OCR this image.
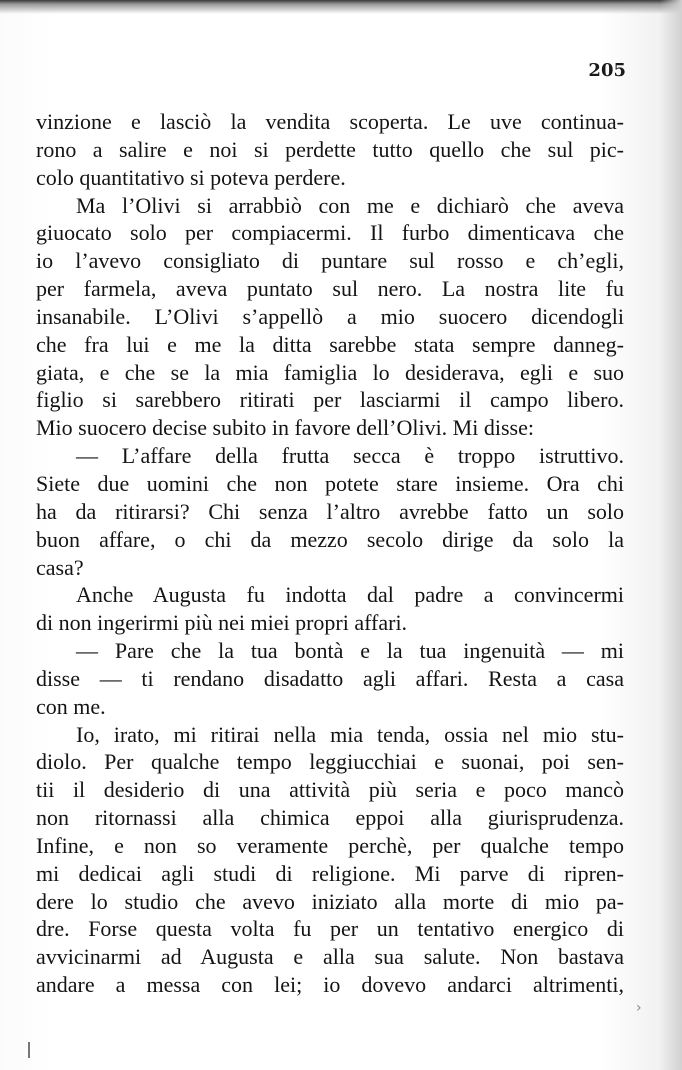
205
vinzione e lasciò la vendita scoperta. Le uve continua-
rono a salire e noi si perdette tutto quello che sul pic-
colo quantitativo si poteva perdere.
Ma l’Olivi si arrabbiò con me e dichiarò che aveva
giuocato solo per compiacermi. Il furbo dimenticava che
io l’avevo consigliato di puntare sul rosso e ch’egli,
per farmela, aveva puntato sul nero. La nostra lite fu
insanabile. L’Olivi s’appellò a mio suocero dicendogli
che fra lui e me la ditta sarebbe stata sempre danneg-
giata, e che se la mia famiglia lo desiderava, egli e suo
figlio si sarebbero ritirati per lasciarmi il campo libero.
Mio suocero decise subito in favore dell’Olivi. Mi disse:
— L’affare della frutta secca è troppo istruttivo.
Siete due uomini che non potete stare insieme. Ora chi
ha da ritirarsi? Chi senza l’altro avrebbe fatto un solo
buon affare, o chi da mezzo secolo dirige da solo la
casa?
Anche Augusta fu indotta dal padre a convincermi
di non ingerirmi più nei miei propri affari.
— Pare che la tua bontà e la tua ingenuità — mi
disse — ti rendano disadatto agli affari. Resta a casa
con me.
Io, irato, mi ritirai nella mia tenda, ossia nel mio stu-
diolo. Per qualche tempo leggiucchiai e suonai, poi sen-
tii il desiderio di una attività più seria e poco mancò
non ritornassi alla chimica eppoi alla giurisprudenza.
Infine, e non so veramente perchè, per qualche tempo
mi dedicai agli studi di religione. Mi parve di ripren-
dere lo studio che avevo iniziato alla morte di mio pa-
dre. Forse questa volta fu per un tentativo energico di
avvicinarmi ad Augusta e alla sua salute. Non bastava
andare a messa con lei; io dovevo andarci altrimenti,
›
